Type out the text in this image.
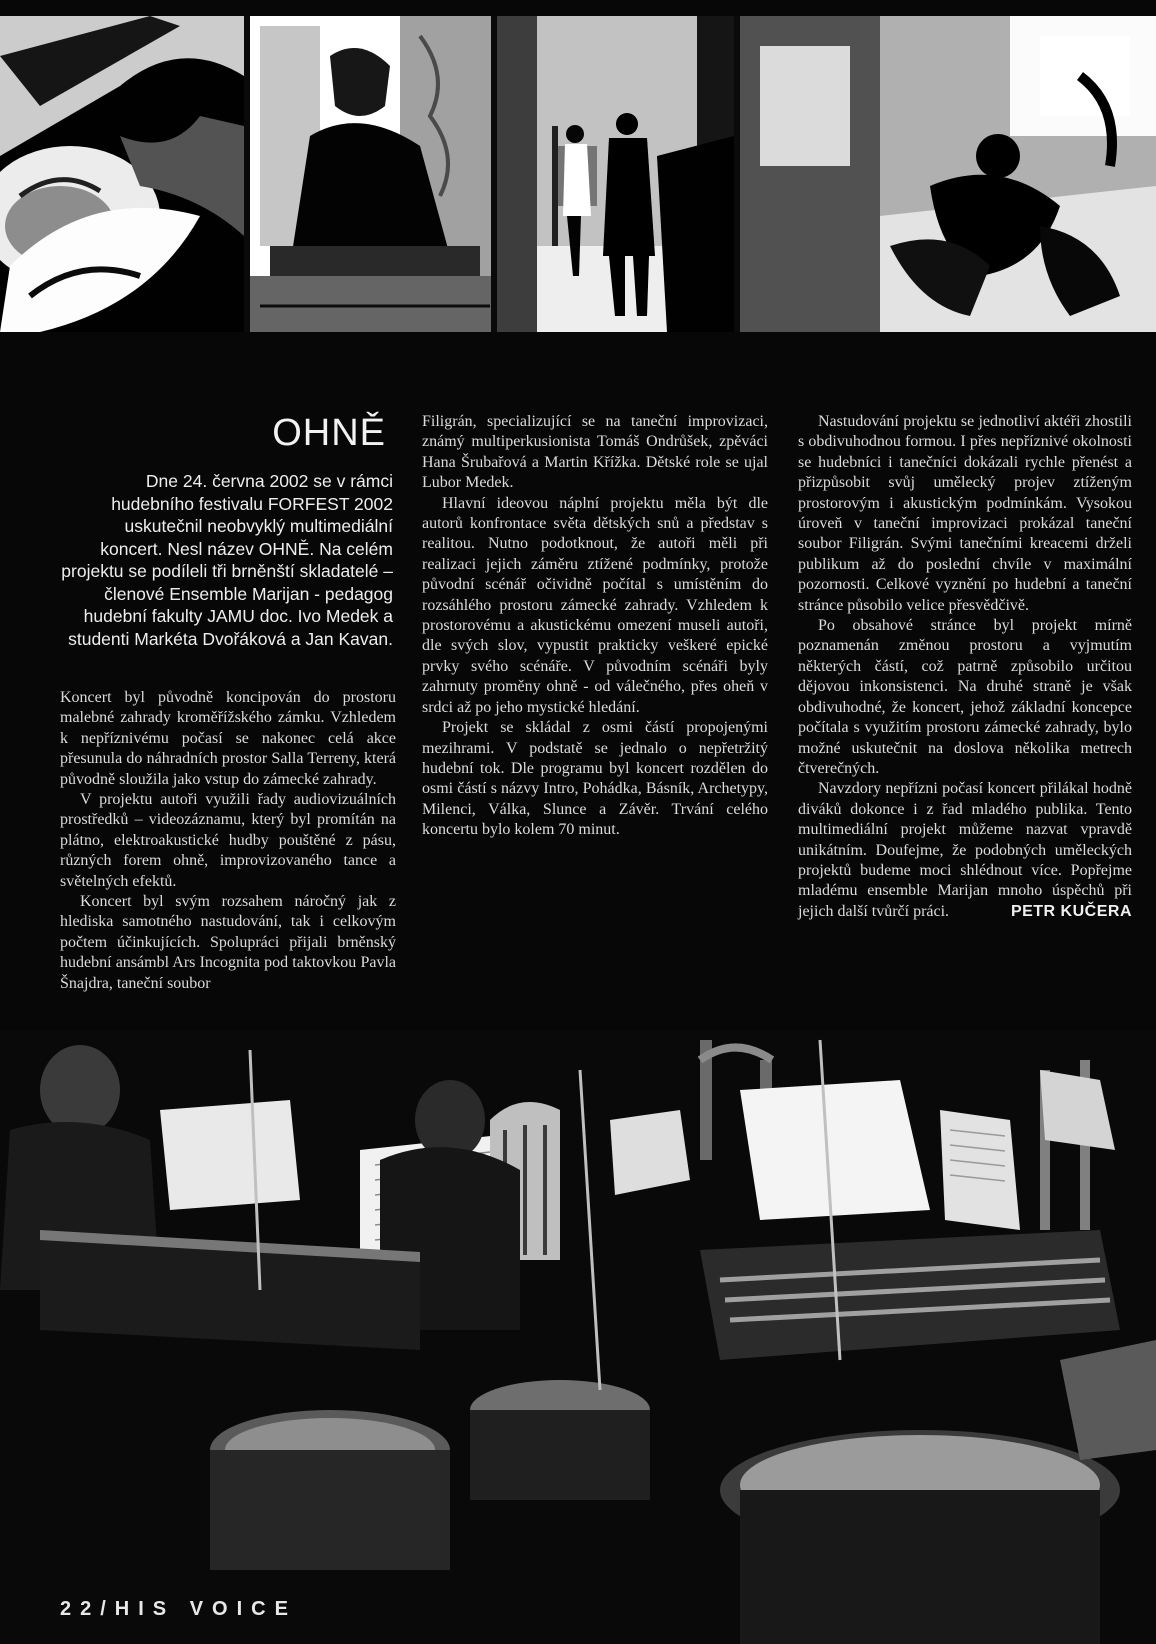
OHNĚ

Dne 24. června 2002 se v rámci hudebního festivalu FORFEST 2002 uskutečnil neobvyklý multimediální koncert. Nesl název OHNĚ. Na celém projektu se podíleli tři brněnští skladatelé – členové Ensemble Marijan - pedagog hudební fakulty JAMU doc. Ivo Medek a studenti Markéta Dvořáková a Jan Kavan.

Koncert byl původně koncipován do prostoru malebné zahrady kroměřížského zámku. Vzhledem k nepříznivému počasí se nakonec celá akce přesunula do náhradních prostor Salla Terreny, která původně sloužila jako vstup do zámecké zahrady.

V projektu autoři využili řady audiovizuálních prostředků – videozáznamu, který byl promítán na plátno, elektroakustické hudby pouštěné z pásu, různých forem ohně, improvizovaného tance a světelných efektů.

Koncert byl svým rozsahem náročný jak z hlediska samotného nastudování, tak i celkovým počtem účinkujících. Spolupráci přijali brněnský hudební ansámbl Ars Incognita pod taktovkou Pavla Šnajdra, taneční soubor

Filigrán, specializující se na taneční improvizaci, známý multiperkusionista Tomáš Ondrůšek, zpěváci Hana Šrubařová a Martin Křížka. Dětské role se ujal Lubor Medek.

Hlavní ideovou náplní projektu měla být dle autorů konfrontace světa dětských snů a představ s realitou. Nutno podotknout, že autoři měli při realizaci jejich záměru ztížené podmínky, protože původní scénář očividně počítal s umístěním do rozsáhlého prostoru zámecké zahrady. Vzhledem k prostorovému a akustickému omezení museli autoři, dle svých slov, vypustit prakticky veškeré epické prvky svého scénáře. V původním scénáři byly zahrnuty proměny ohně - od válečného, přes oheň v srdci až po jeho mystické hledání.

Projekt se skládal z osmi částí propojenými mezihrami. V podstatě se jednalo o nepřetržitý hudební tok. Dle programu byl koncert rozdělen do osmi částí s názvy Intro, Pohádka, Básník, Archetypy, Milenci, Válka, Slunce a Závěr. Trvání celého koncertu bylo kolem 70 minut.

Nastudování projektu se jednotliví aktéři zhostili s obdivuhodnou formou. I přes nepříznivé okolnosti se hudebníci i tanečníci dokázali rychle přenést a přizpůsobit svůj umělecký projev ztíženým prostorovým i akustickým podmínkám. Vysokou úroveň v taneční improvizaci prokázal taneční soubor Filigrán. Svými tanečními kreacemi drželi publikum až do poslední chvíle v maximální pozornosti. Celkové vyznění po hudební a taneční stránce působilo velice přesvědčivě.

Po obsahové stránce byl projekt mírně poznamenán změnou prostoru a vyjmutím některých částí, což patrně způsobilo určitou dějovou inkonsistenci. Na druhé straně je však obdivuhodné, že koncert, jehož základní koncepce počítala s využitím prostoru zámecké zahrady, bylo možné uskutečnit na doslova několika metrech čtverečných.

Navzdory nepřízni počasí koncert přilákal hodně diváků dokonce i z řad mladého publika. Tento multimediální projekt můžeme nazvat vpravdě unikátním. Doufejme, že podobných uměleckých projektů budeme moci shlédnout více. Popřejme mladému ensemble Marijan mnoho úspěchů při jejich další tvůrčí práci.	PETR KUČERA

22/HIS VOICE
